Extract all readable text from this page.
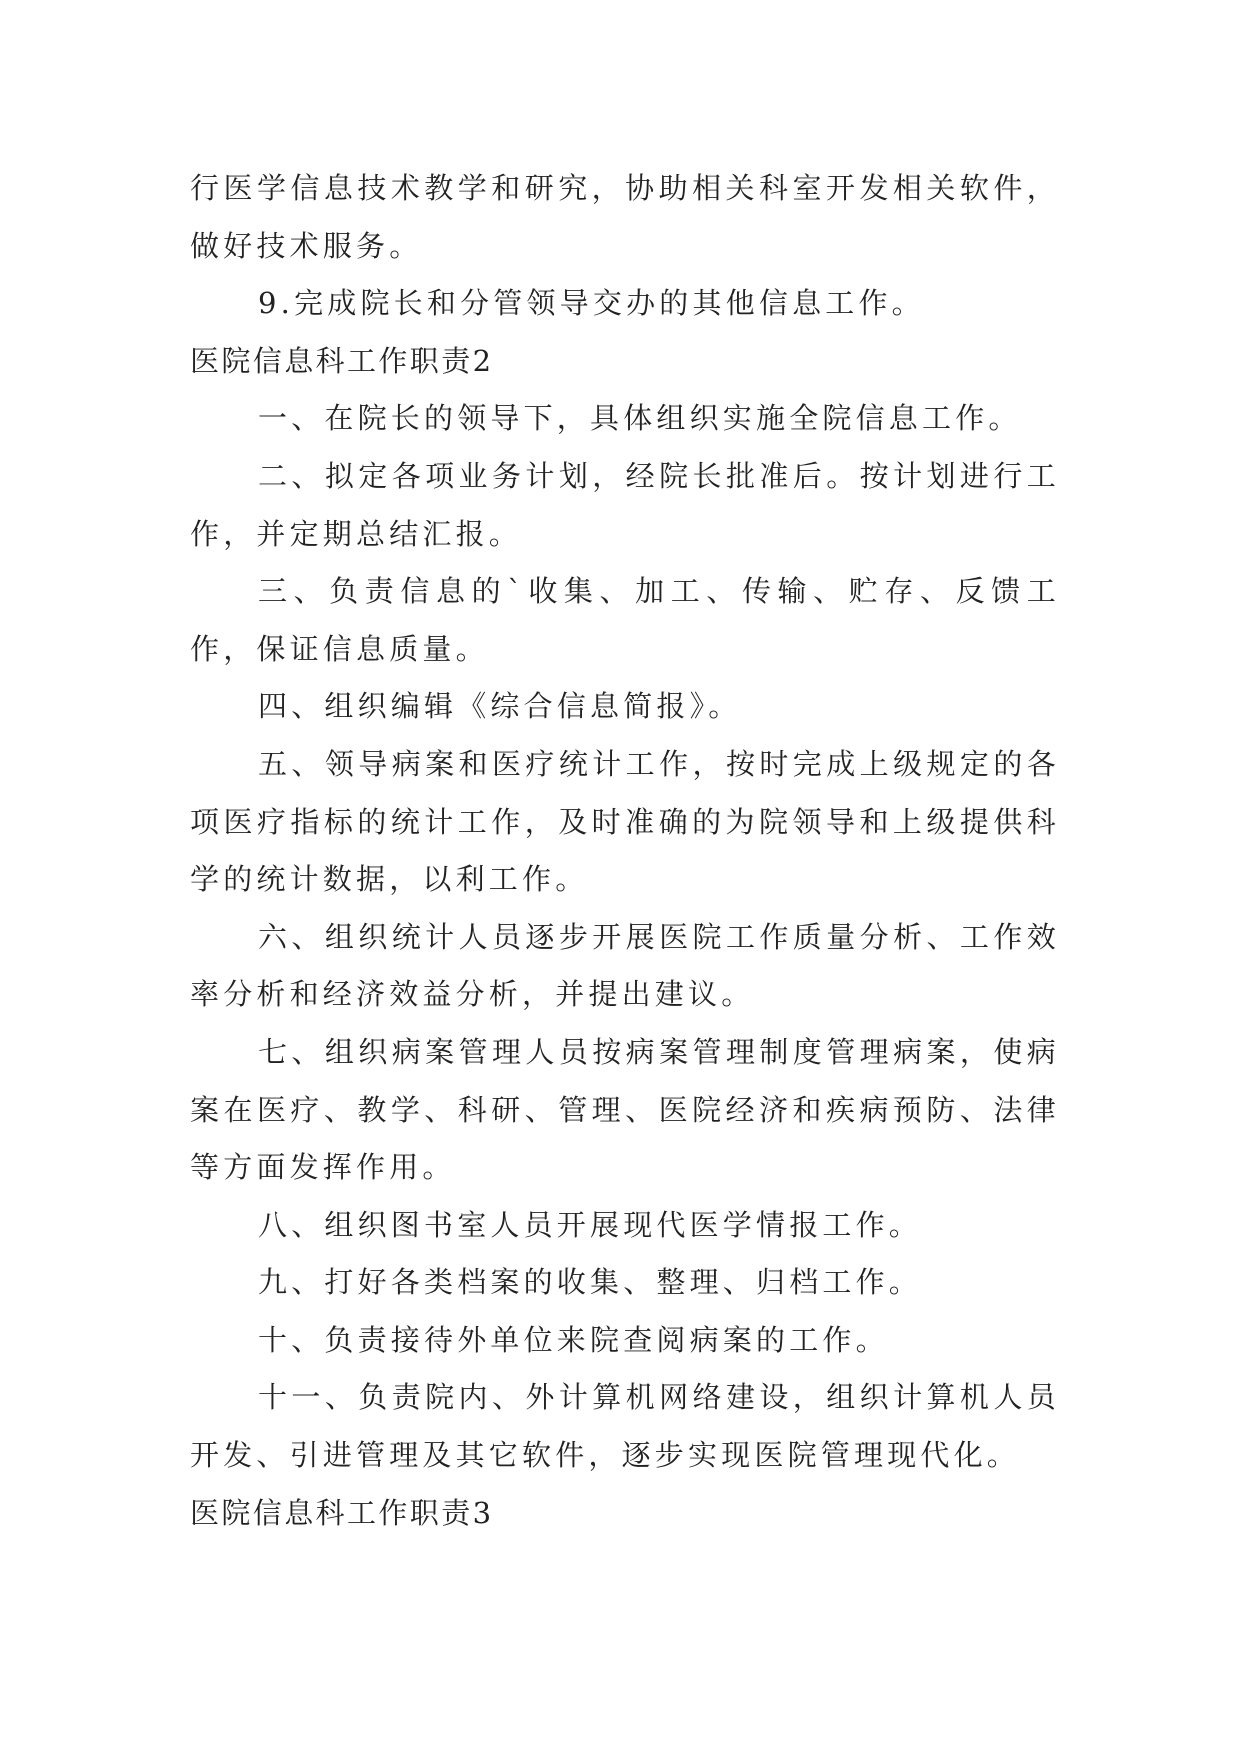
行医学信息技术教学和研究，协助相关科室开发相关软件，做好技术服务。

9.完成院长和分管领导交办的其他信息工作。

医院信息科工作职责2

一、在院长的领导下，具体组织实施全院信息工作。

二、拟定各项业务计划，经院长批准后。按计划进行工作，并定期总结汇报。

三、负责信息的`收集、加工、传输、贮存、反馈工作，保证信息质量。

四、组织编辑《综合信息简报》。

五、领导病案和医疗统计工作，按时完成上级规定的各项医疗指标的统计工作，及时准确的为院领导和上级提供科学的统计数据，以利工作。

六、组织统计人员逐步开展医院工作质量分析、工作效率分析和经济效益分析，并提出建议。

七、组织病案管理人员按病案管理制度管理病案，使病案在医疗、教学、科研、管理、医院经济和疾病预防、法律等方面发挥作用。

八、组织图书室人员开展现代医学情报工作。

九、打好各类档案的收集、整理、归档工作。

十、负责接待外单位来院查阅病案的工作。

十一、负责院内、外计算机网络建设，组织计算机人员开发、引进管理及其它软件，逐步实现医院管理现代化。

医院信息科工作职责3
